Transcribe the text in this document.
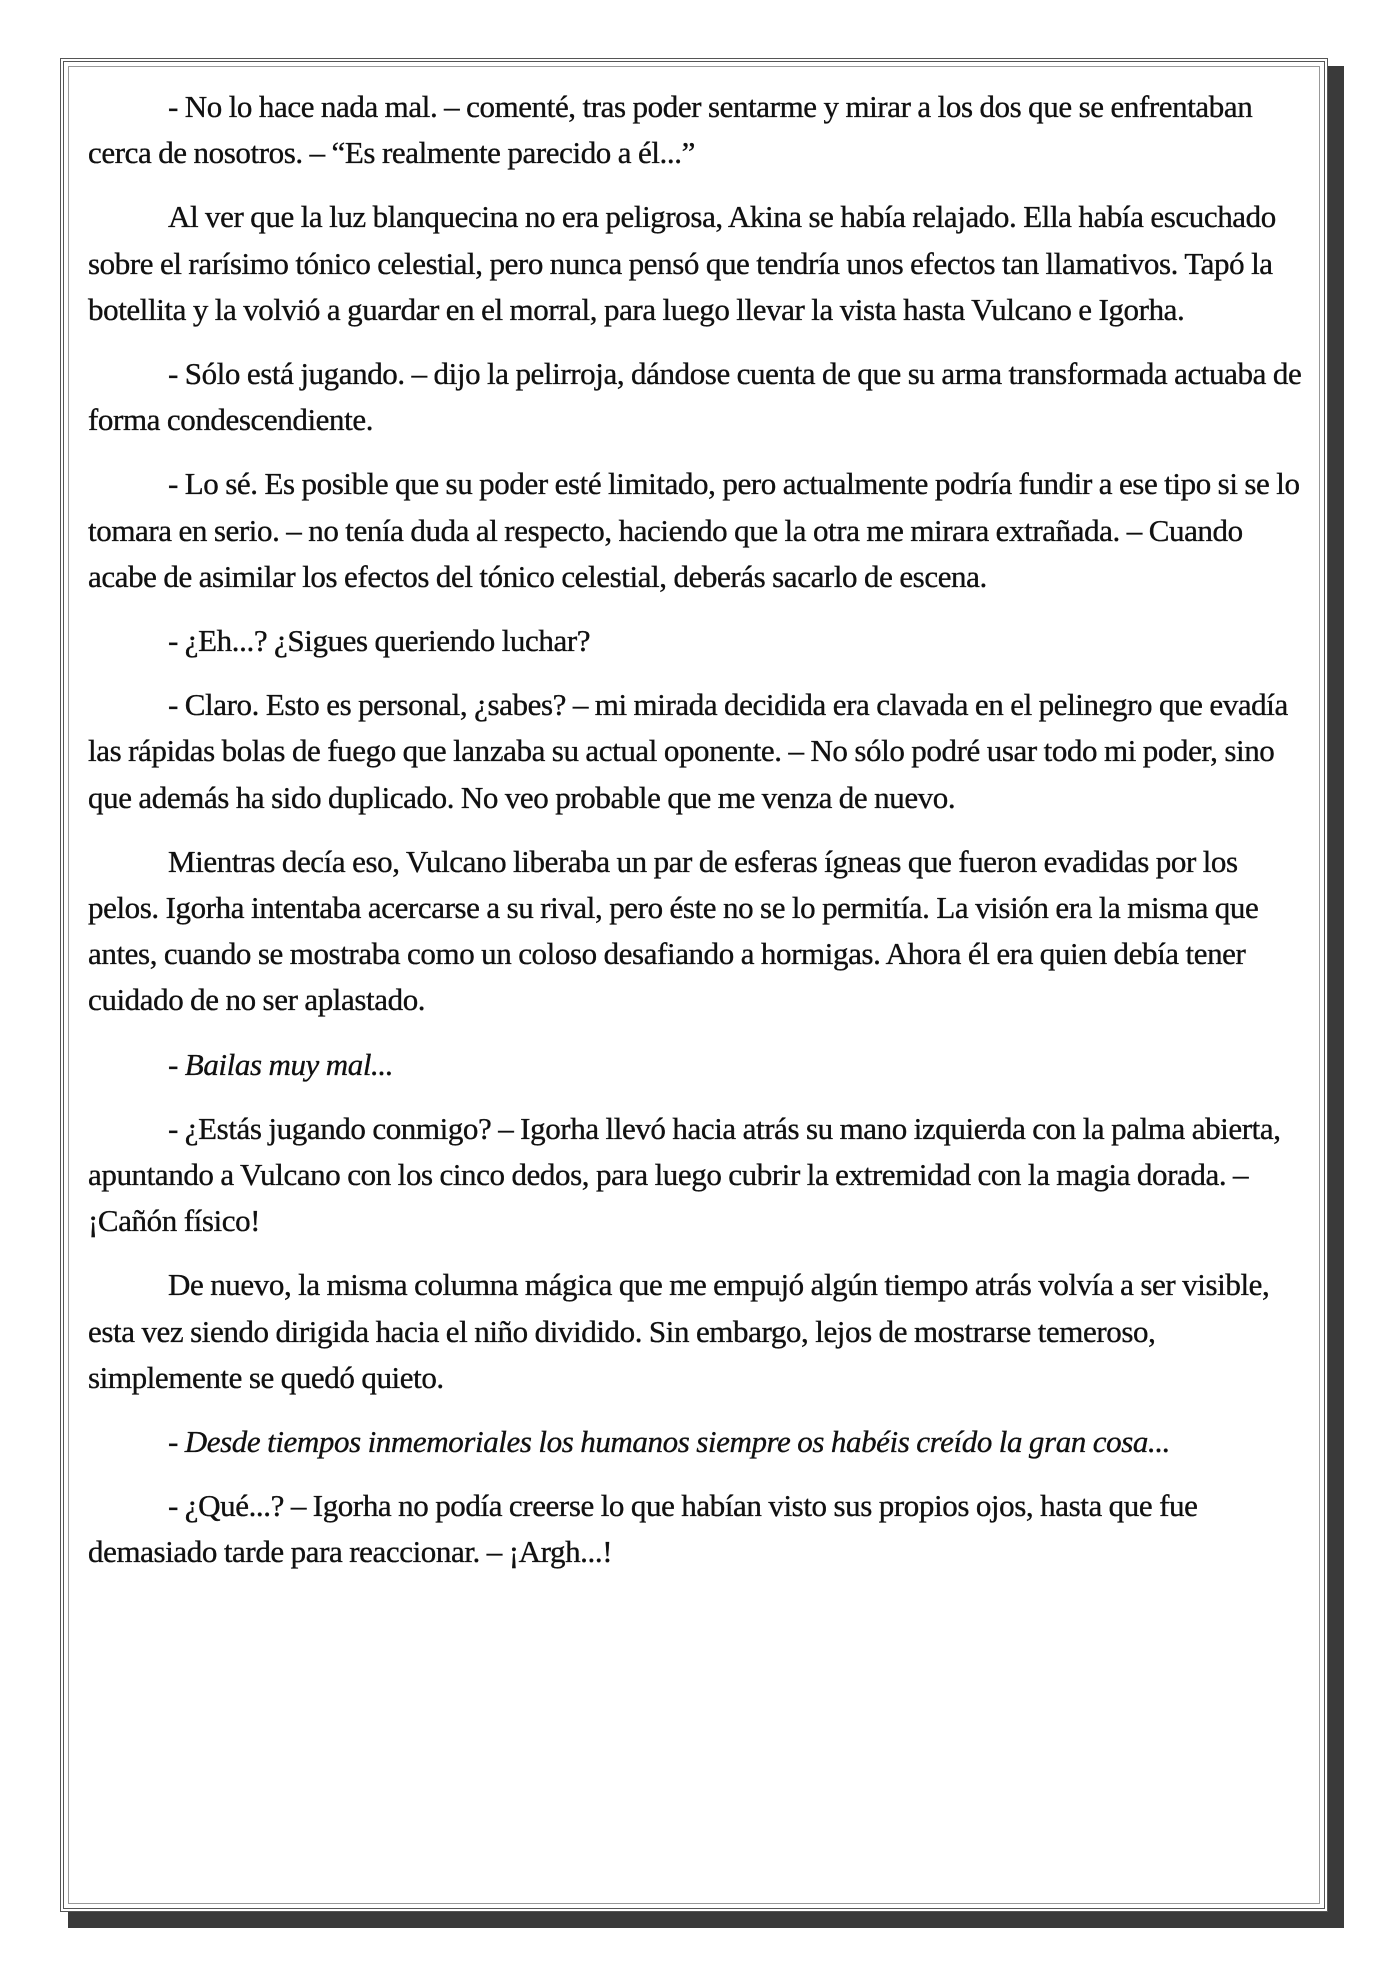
- No lo hace nada mal. – comenté, tras poder sentarme y mirar a los dos que se enfrentaban cerca de nosotros. – “Es realmente parecido a él...”

Al ver que la luz blanquecina no era peligrosa, Akina se había relajado. Ella había escuchado sobre el rarísimo tónico celestial, pero nunca pensó que tendría unos efectos tan llamativos. Tapó la botellita y la volvió a guardar en el morral, para luego llevar la vista hasta Vulcano e Igorha.

- Sólo está jugando. – dijo la pelirroja, dándose cuenta de que su arma transformada actuaba de forma condescendiente.

- Lo sé. Es posible que su poder esté limitado, pero actualmente podría fundir a ese tipo si se lo tomara en serio. – no tenía duda al respecto, haciendo que la otra me mirara extrañada. – Cuando acabe de asimilar los efectos del tónico celestial, deberás sacarlo de escena.

- ¿Eh...? ¿Sigues queriendo luchar?

- Claro. Esto es personal, ¿sabes? – mi mirada decidida era clavada en el pelinegro que evadía las rápidas bolas de fuego que lanzaba su actual oponente. – No sólo podré usar todo mi poder, sino que además ha sido duplicado. No veo probable que me venza de nuevo.

Mientras decía eso, Vulcano liberaba un par de esferas ígneas que fueron evadidas por los pelos. Igorha intentaba acercarse a su rival, pero éste no se lo permitía. La visión era la misma que antes, cuando se mostraba como un coloso desafiando a hormigas. Ahora él era quien debía tener cuidado de no ser aplastado.

- Bailas muy mal...

- ¿Estás jugando conmigo? – Igorha llevó hacia atrás su mano izquierda con la palma abierta, apuntando a Vulcano con los cinco dedos, para luego cubrir la extremidad con la magia dorada. – ¡Cañón físico!

De nuevo, la misma columna mágica que me empujó algún tiempo atrás volvía a ser visible, esta vez siendo dirigida hacia el niño dividido. Sin embargo, lejos de mostrarse temeroso, simplemente se quedó quieto.

- Desde tiempos inmemoriales los humanos siempre os habéis creído la gran cosa...

- ¿Qué...? – Igorha no podía creerse lo que habían visto sus propios ojos, hasta que fue demasiado tarde para reaccionar. – ¡Argh...!
